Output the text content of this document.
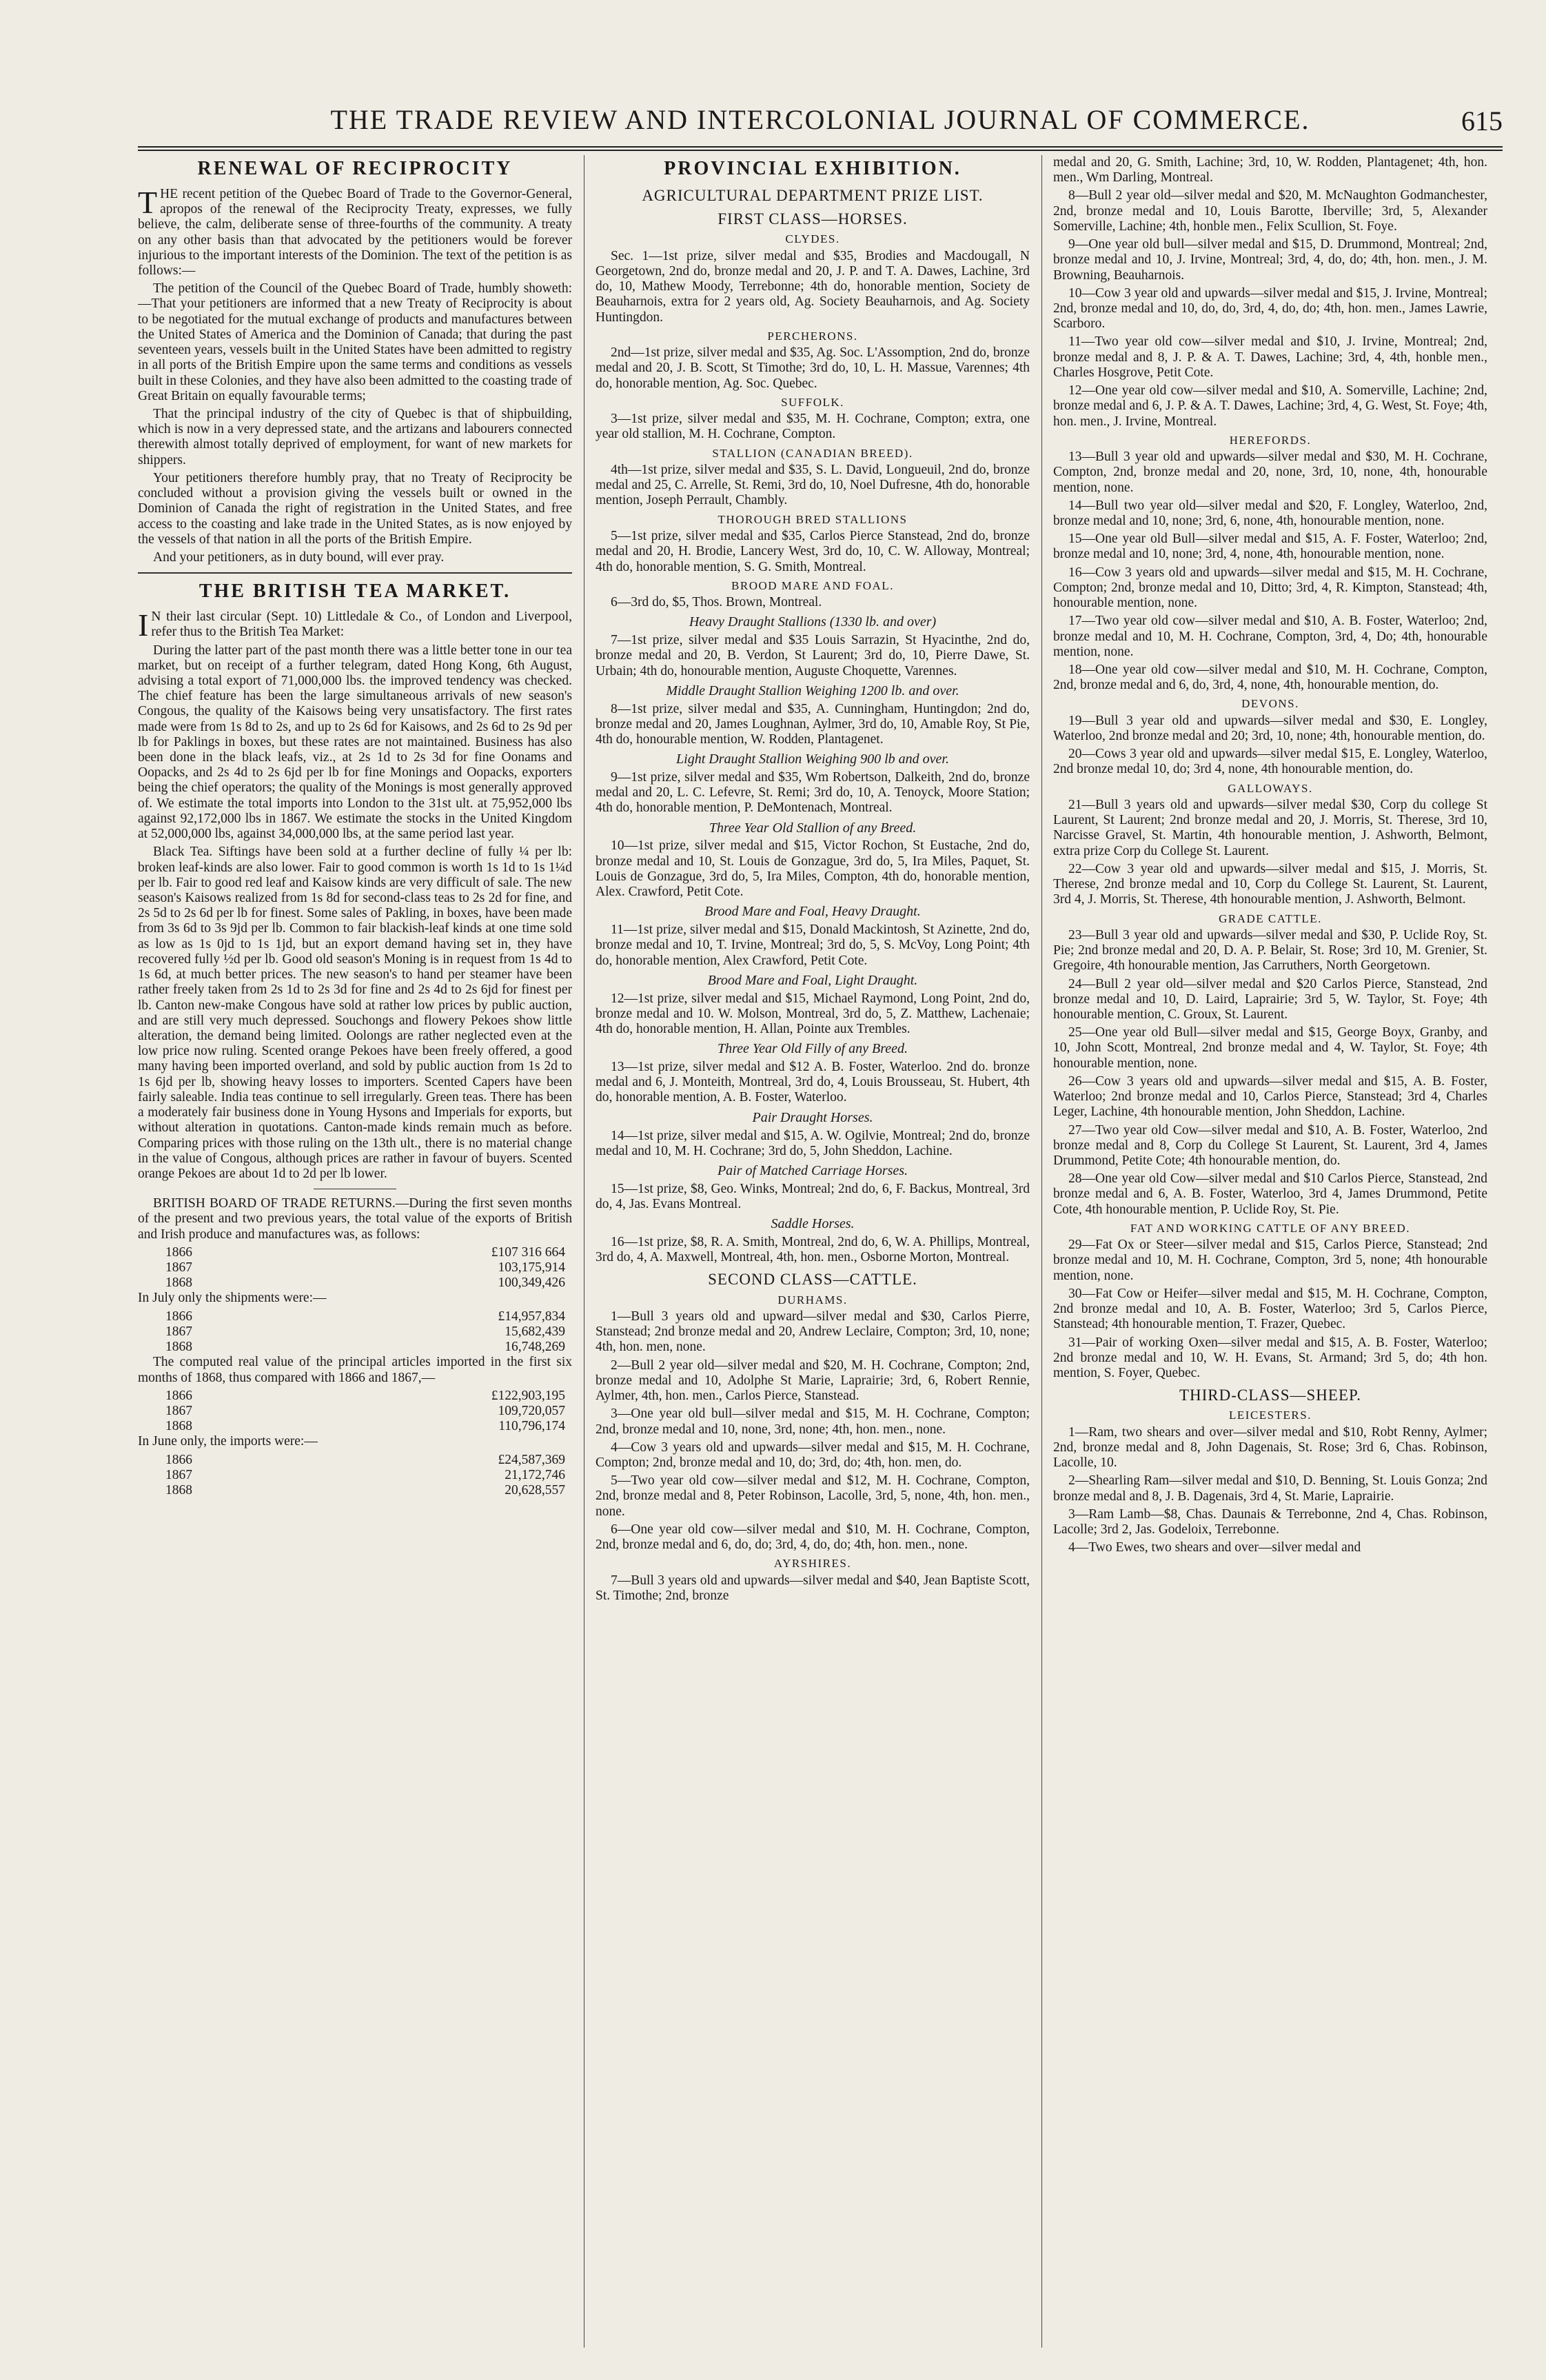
THE TRADE REVIEW AND INTERCOLONIAL JOURNAL OF COMMERCE.	615
RENEWAL OF RECIPROCITY

THE recent petition of the Quebec Board of Trade to the Governor-General, apropos of the renewal of the Reciprocity Treaty, expresses, we fully believe, the calm, deliberate sense of three-fourths of the community. A treaty on any other basis than that advocated by the petitioners would be forever injurious to the important interests of the Dominion. The text of the petition is as follows:—

The petition of the Council of the Quebec Board of Trade, humbly showeth:—That your petitioners are informed that a new Treaty of Reciprocity is about to be negotiated for the mutual exchange of products and manufactures between the United States of America and the Dominion of Canada; that during the past seventeen years, vessels built in the United States have been admitted to registry in all ports of the British Empire upon the same terms and conditions as vessels built in these Colonies, and they have also been admitted to the coasting trade of Great Britain on equally favourable terms;

That the principal industry of the city of Quebec is that of shipbuilding, which is now in a very depressed state, and the artizans and labourers connected therewith almost totally deprived of employment, for want of new markets for shippers.

Your petitioners therefore humbly pray, that no Treaty of Reciprocity be concluded without a provision giving the vessels built or owned in the Dominion of Canada the right of registration in the United States, and free access to the coasting and lake trade in the United States, as is now enjoyed by the vessels of that nation in all the ports of the British Empire.

And your petitioners, as in duty bound, will ever pray.

THE BRITISH TEA MARKET.

IN their last circular (Sept. 10) Littledale & Co., of London and Liverpool, refer thus to the British Tea Market:

During the latter part of the past month there was a little better tone in our tea market, but on receipt of a further telegram, dated Hong Kong, 6th August, advising a total export of 71,000,000 lbs. the improved tendency was checked. The chief feature has been the large simultaneous arrivals of new season's Congous, the quality of the Kaisows being very unsatisfactory. The first rates made were from 1s 8d to 2s, and up to 2s 6d for Kaisows, and 2s 6d to 2s 9d per lb for Paklings in boxes, but these rates are not maintained. Business has also been done in the black leafs, viz., at 2s 1d to 2s 3d for fine Oonams and Oopacks, and 2s 4d to 2s 6jd per lb for fine Monings and Oopacks, exporters being the chief operators; the quality of the Monings is most generally approved of. We estimate the total imports into London to the 31st ult. at 75,952,000 lbs against 92,172,000 lbs in 1867. We estimate the stocks in the United Kingdom at 52,000,000 lbs, against 34,000,000 lbs, at the same period last year.

Black Tea. Siftings have been sold at a further decline of fully ¼ per lb: broken leaf-kinds are also lower. Fair to good common is worth 1s 1d to 1s 1¼d per lb. Fair to good red leaf and Kaisow kinds are very difficult of sale. The new season's Kaisows realized from 1s 8d for second-class teas to 2s 2d for fine, and 2s 5d to 2s 6d per lb for finest. Some sales of Pakling, in boxes, have been made from 3s 6d to 3s 9jd per lb. Common to fair blackish-leaf kinds at one time sold as low as 1s 0jd to 1s 1jd, but an export demand having set in, they have recovered fully ½d per lb. Good old season's Moning is in request from 1s 4d to 1s 6d, at much better prices. The new season's to hand per steamer have been rather freely taken from 2s 1d to 2s 3d for fine and 2s 4d to 2s 6jd for finest per lb. Canton new-make Congous have sold at rather low prices by public auction, and are still very much depressed. Souchongs and flowery Pekoes show little alteration, the demand being limited. Oolongs are rather neglected even at the low price now ruling. Scented orange Pekoes have been freely offered, a good many having been imported overland, and sold by public auction from 1s 2d to 1s 6jd per lb, showing heavy losses to importers. Scented Capers have been fairly saleable. India teas continue to sell irregularly. Green teas. There has been a moderately fair business done in Young Hysons and Imperials for exports, but without alteration in quotations. Canton-made kinds remain much as before. Comparing prices with those ruling on the 13th ult., there is no material change in the value of Congous, although prices are rather in favour of buyers. Scented orange Pekoes are about 1d to 2d per lb lower.

BRITISH BOARD OF TRADE RETURNS.—During the first seven months of the present and two previous years, the total value of the exports of British and Irish produce and manufactures was, as follows:

1866	£107 316 664
1867	103,175,914
1868	100,349,426

In July only the shipments were:—

1866	£14,957,834
1867	15,682,439
1868	16,748,269

The computed real value of the principal articles imported in the first six months of 1868, thus compared with 1866 and 1867,—

1866	£122,903,195
1867	109,720,057
1868	110,796,174

In June only, the imports were:—

1866	£24,587,369
1867	21,172,746
1868	20,628,557
PROVINCIAL EXHIBITION.
AGRICULTURAL DEPARTMENT PRIZE LIST.
FIRST CLASS—HORSES.
CLYDES.

Sec. 1—1st prize, silver medal and $35, Brodies and Macdougall, N Georgetown, 2nd do, bronze medal and 20, J. P. and T. A. Dawes, Lachine, 3rd do, 10, Mathew Moody, Terrebonne; 4th do, honorable mention, Society de Beauharnois, extra for 2 years old, Ag. Society Beauharnois, and Ag. Society Huntingdon.

PERCHERONS.

2nd—1st prize, silver medal and $35, Ag. Soc. L'Assomption, 2nd do, bronze medal and 20, J. B. Scott, St Timothe; 3rd do, 10, L. H. Massue, Varennes; 4th do, honorable mention, Ag. Soc. Quebec.

SUFFOLK.

3—1st prize, silver medal and $35, M. H. Cochrane, Compton; extra, one year old stallion, M. H. Cochrane, Compton.

STALLION (CANADIAN BREED).

4th—1st prize, silver medal and $35, S. L. David, Longueuil, 2nd do, bronze medal and 25, C. Arrelle, St. Remi, 3rd do, 10, Noel Dufresne, 4th do, honorable mention, Joseph Perrault, Chambly.

THOROUGH BRED STALLIONS

5—1st prize, silver medal and $35, Carlos Pierce Stanstead, 2nd do, bronze medal and 20, H. Brodie, Lancery West, 3rd do, 10, C. W. Alloway, Montreal; 4th do, honorable mention, S. G. Smith, Montreal.

BROOD MARE AND FOAL.

6—3rd do, $5, Thos. Brown, Montreal.

Heavy Draught Stallions (1330 lb. and over)

7—1st prize, silver medal and $35 Louis Sarrazin, St Hyacinthe, 2nd do, bronze medal and 20, B. Verdon, St Laurent; 3rd do, 10, Pierre Dawe, St. Urbain; 4th do, honourable mention, Auguste Choquette, Varennes.

Middle Draught Stallion Weighing 1200 lb. and over.

8—1st prize, silver medal and $35, A. Cunningham, Huntingdon; 2nd do, bronze medal and 20, James Loughnan, Aylmer, 3rd do, 10, Amable Roy, St Pie, 4th do, honourable mention, W. Rodden, Plantagenet.

Light Draught Stallion Weighing 900 lb and over.

9—1st prize, silver medal and $35, Wm Robertson, Dalkeith, 2nd do, bronze medal and 20, L. C. Lefevre, St. Remi; 3rd do, 10, A. Tenoyck, Moore Station; 4th do, honorable mention, P. DeMontenach, Montreal.

Three Year Old Stallion of any Breed.

10—1st prize, silver medal and $15, Victor Rochon, St Eustache, 2nd do, bronze medal and 10, St. Louis de Gonzague, 3rd do, 5, Ira Miles, Paquet, St. Louis de Gonzague, 3rd do, 5, Ira Miles, Compton, 4th do, honorable mention, Alex. Crawford, Petit Cote.

Brood Mare and Foal, Heavy Draught.

11—1st prize, silver medal and $15, Donald Mackintosh, St Azinette, 2nd do, bronze medal and 10, T. Irvine, Montreal; 3rd do, 5, S. McVoy, Long Point; 4th do, honorable mention, Alex Crawford, Petit Cote.

Brood Mare and Foal, Light Draught.

12—1st prize, silver medal and $15, Michael Raymond, Long Point, 2nd do, bronze medal and 10. W. Molson, Montreal, 3rd do, 5, Z. Matthew, Lachenaie; 4th do, honorable mention, H. Allan, Pointe aux Trembles.

Three Year Old Filly of any Breed.

13—1st prize, silver medal and $12 A. B. Foster, Waterloo. 2nd do. bronze medal and 6, J. Monteith, Montreal, 3rd do, 4, Louis Brousseau, St. Hubert, 4th do, honorable mention, A. B. Foster, Waterloo.

Pair Draught Horses.

14—1st prize, silver medal and $15, A. W. Ogilvie, Montreal; 2nd do, bronze medal and 10, M. H. Cochrane; 3rd do, 5, John Sheddon, Lachine.

Pair of Matched Carriage Horses.

15—1st prize, $8, Geo. Winks, Montreal; 2nd do, 6, F. Backus, Montreal, 3rd do, 4, Jas. Evans Montreal.

Saddle Horses.

16—1st prize, $8, R. A. Smith, Montreal, 2nd do, 6, W. A. Phillips, Montreal, 3rd do, 4, A. Maxwell, Montreal, 4th, hon. men., Osborne Morton, Montreal.

SECOND CLASS—CATTLE.
DURHAMS.

1—Bull 3 years old and upward—silver medal and $30, Carlos Pierre, Stanstead; 2nd bronze medal and 20, Andrew Leclaire, Compton; 3rd, 10, none; 4th, hon. men, none.

2—Bull 2 year old—silver medal and $20, M. H. Cochrane, Compton; 2nd, bronze medal and 10, Adolphe St Marie, Laprairie; 3rd, 6, Robert Rennie, Aylmer, 4th, hon. men., Carlos Pierce, Stanstead.

3—One year old bull—silver medal and $15, M. H. Cochrane, Compton; 2nd, bronze medal and 10, none, 3rd, none; 4th, hon. men., none.

4—Cow 3 years old and upwards—silver medal and $15, M. H. Cochrane, Compton; 2nd, bronze medal and 10, do; 3rd, do; 4th, hon. men, do.

5—Two year old cow—silver medal and $12, M. H. Cochrane, Compton, 2nd, bronze medal and 8, Peter Robinson, Lacolle, 3rd, 5, none, 4th, hon. men., none.

6—One year old cow—silver medal and $10, M. H. Cochrane, Compton, 2nd, bronze medal and 6, do, do; 3rd, 4, do, do; 4th, hon. men., none.

AYRSHIRES.

7—Bull 3 years old and upwards—silver medal and $40, Jean Baptiste Scott, St. Timothe; 2nd, bronze

medal and 20, G. Smith, Lachine; 3rd, 10, W. Rodden, Plantagenet; 4th, hon. men., Wm Darling, Montreal.

8—Bull 2 year old—silver medal and $20, M. McNaughton Godmanchester, 2nd, bronze medal and 10, Louis Barotte, Iberville; 3rd, 5, Alexander Somerville, Lachine; 4th, honble men., Felix Scullion, St. Foye.

9—One year old bull—silver medal and $15, D. Drummond, Montreal; 2nd, bronze medal and 10, J. Irvine, Montreal; 3rd, 4, do, do; 4th, hon. men., J. M. Browning, Beauharnois.

10—Cow 3 year old and upwards—silver medal and $15, J. Irvine, Montreal; 2nd, bronze medal and 10, do, do, 3rd, 4, do, do; 4th, hon. men., James Lawrie, Scarboro.

11—Two year old cow—silver medal and $10, J. Irvine, Montreal; 2nd, bronze medal and 8, J. P. & A. T. Dawes, Lachine; 3rd, 4, 4th, honble men., Charles Hosgrove, Petit Cote.

12—One year old cow—silver medal and $10, A. Somerville, Lachine; 2nd, bronze medal and 6, J. P. & A. T. Dawes, Lachine; 3rd, 4, G. West, St. Foye; 4th, hon. men., J. Irvine, Montreal.

HEREFORDS.

13—Bull 3 year old and upwards—silver medal and $30, M. H. Cochrane, Compton, 2nd, bronze medal and 20, none, 3rd, 10, none, 4th, honourable mention, none.

14—Bull two year old—silver medal and $20, F. Longley, Waterloo, 2nd, bronze medal and 10, none; 3rd, 6, none, 4th, honourable mention, none.

15—One year old Bull—silver medal and $15, A. F. Foster, Waterloo; 2nd, bronze medal and 10, none; 3rd, 4, none, 4th, honourable mention, none.

16—Cow 3 years old and upwards—silver medal and $15, M. H. Cochrane, Compton; 2nd, bronze medal and 10, Ditto; 3rd, 4, R. Kimpton, Stanstead; 4th, honourable mention, none.

17—Two year old cow—silver medal and $10, A. B. Foster, Waterloo; 2nd, bronze medal and 10, M. H. Cochrane, Compton, 3rd, 4, Do; 4th, honourable mention, none.

18—One year old cow—silver medal and $10, M. H. Cochrane, Compton, 2nd, bronze medal and 6, do, 3rd, 4, none, 4th, honourable mention, do.

DEVONS.

19—Bull 3 year old and upwards—silver medal and $30, E. Longley, Waterloo, 2nd bronze medal and 20; 3rd, 10, none; 4th, honourable mention, do.

20—Cows 3 year old and upwards—silver medal $15, E. Longley, Waterloo, 2nd bronze medal 10, do; 3rd 4, none, 4th honourable mention, do.

GALLOWAYS.

21—Bull 3 years old and upwards—silver medal $30, Corp du college St Laurent, St Laurent; 2nd bronze medal and 20, J. Morris, St. Therese, 3rd 10, Narcisse Gravel, St. Martin, 4th honourable mention, J. Ashworth, Belmont, extra prize Corp du College St. Laurent.

22—Cow 3 year old and upwards—silver medal and $15, J. Morris, St. Therese, 2nd bronze medal and 10, Corp du College St. Laurent, St. Laurent, 3rd 4, J. Morris, St. Therese, 4th honourable mention, J. Ashworth, Belmont.

GRADE CATTLE.

23—Bull 3 year old and upwards—silver medal and $30, P. Uclide Roy, St. Pie; 2nd bronze medal and 20, D. A. P. Belair, St. Rose; 3rd 10, M. Grenier, St. Gregoire, 4th honourable mention, Jas Carruthers, North Georgetown.

24—Bull 2 year old—silver medal and $20 Carlos Pierce, Stanstead, 2nd bronze medal and 10, D. Laird, Laprairie; 3rd 5, W. Taylor, St. Foye; 4th honourable mention, C. Groux, St. Laurent.

25—One year old Bull—silver medal and $15, George Boyx, Granby, and 10, John Scott, Montreal, 2nd bronze medal and 4, W. Taylor, St. Foye; 4th honourable mention, none.

26—Cow 3 years old and upwards—silver medal and $15, A. B. Foster, Waterloo; 2nd bronze medal and 10, Carlos Pierce, Stanstead; 3rd 4, Charles Leger, Lachine, 4th honourable mention, John Sheddon, Lachine.

27—Two year old Cow—silver medal and $10, A. B. Foster, Waterloo, 2nd bronze medal and 8, Corp du College St Laurent, St. Laurent, 3rd 4, James Drummond, Petite Cote; 4th honourable mention, do.

28—One year old Cow—silver medal and $10 Carlos Pierce, Stanstead, 2nd bronze medal and 6, A. B. Foster, Waterloo, 3rd 4, James Drummond, Petite Cote, 4th honourable mention, P. Uclide Roy, St. Pie.

FAT AND WORKING CATTLE OF ANY BREED.

29—Fat Ox or Steer—silver medal and $15, Carlos Pierce, Stanstead; 2nd bronze medal and 10, M. H. Cochrane, Compton, 3rd 5, none; 4th honourable mention, none.

30—Fat Cow or Heifer—silver medal and $15, M. H. Cochrane, Compton, 2nd bronze medal and 10, A. B. Foster, Waterloo; 3rd 5, Carlos Pierce, Stanstead; 4th honourable mention, T. Frazer, Quebec.

31—Pair of working Oxen—silver medal and $15, A. B. Foster, Waterloo; 2nd bronze medal and 10, W. H. Evans, St. Armand; 3rd 5, do; 4th hon. mention, S. Foyer, Quebec.

THIRD-CLASS—SHEEP.
LEICESTERS.

1—Ram, two shears and over—silver medal and $10, Robt Renny, Aylmer; 2nd, bronze medal and 8, John Dagenais, St. Rose; 3rd 6, Chas. Robinson, Lacolle, 10.

2—Shearling Ram—silver medal and $10, D. Benning, St. Louis Gonza; 2nd bronze medal and 8, J. B. Dagenais, 3rd 4, St. Marie, Laprairie.

3—Ram Lamb—$8, Chas. Daunais & Terrebonne, 2nd 4, Chas. Robinson, Lacolle; 3rd 2, Jas. Godeloix, Terrebonne.

4—Two Ewes, two shears and over—silver medal and
